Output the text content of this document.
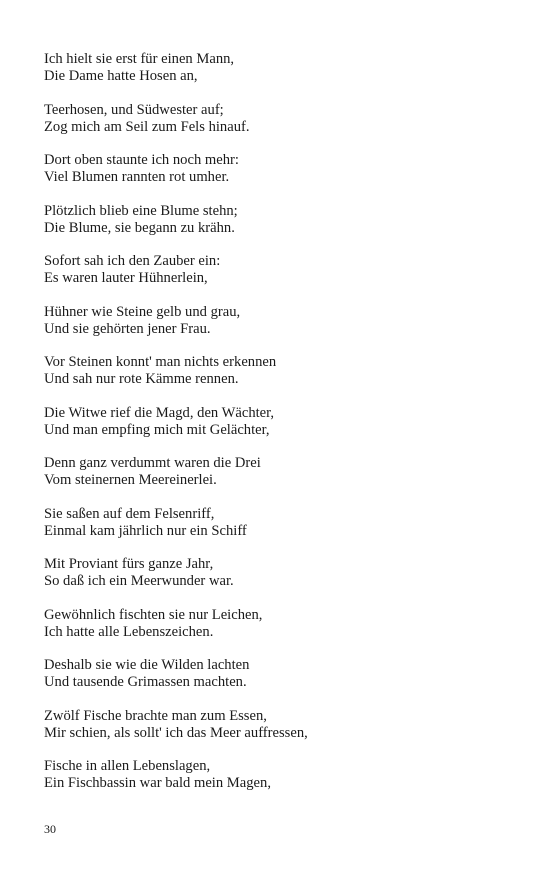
Ich hielt sie erst für einen Mann,
Die Dame hatte Hosen an,
Teerhosen, und Südwester auf;
Zog mich am Seil zum Fels hinauf.
Dort oben staunte ich noch mehr:
Viel Blumen rannten rot umher.
Plötzlich blieb eine Blume stehn;
Die Blume, sie begann zu krähn.
Sofort sah ich den Zauber ein:
Es waren lauter Hühnerlein,
Hühner wie Steine gelb und grau,
Und sie gehörten jener Frau.
Vor Steinen konnt' man nichts erkennen
Und sah nur rote Kämme rennen.
Die Witwe rief die Magd, den Wächter,
Und man empfing mich mit Gelächter,
Denn ganz verdummt waren die Drei
Vom steinernen Meereinerlei.
Sie saßen auf dem Felsenriff,
Einmal kam jährlich nur ein Schiff
Mit Proviant fürs ganze Jahr,
So daß ich ein Meerwunder war.
Gewöhnlich fischten sie nur Leichen,
Ich hatte alle Lebenszeichen.
Deshalb sie wie die Wilden lachten
Und tausende Grimassen machten.
Zwölf Fische brachte man zum Essen,
Mir schien, als sollt' ich das Meer auffressen,
Fische in allen Lebenslagen,
Ein Fischbassin war bald mein Magen,
30
